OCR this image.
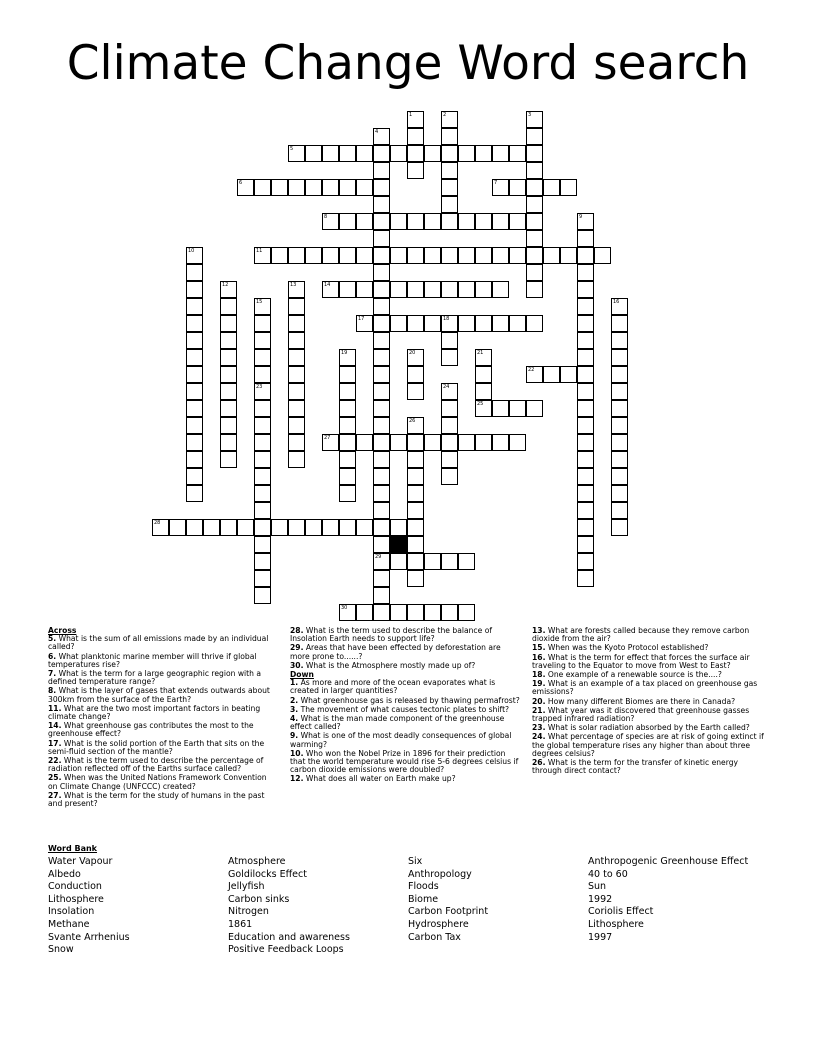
Climate Change Word search
1	2	3
4
29
5
6	7
8	9
10	11
12	13	14
15
23
16
17	18
19	20	21
25
22
24
26
27
28
30
Across
5. What is the sum of all emissions made by an individual called?
6. What planktonic marine member will thrive if global temperatures rise?
7. What is the term for a large geographic region with a defined temperature range?
8. What is the layer of gases that extends outwards about 300km from the surface of the Earth?
11. What are the two most important factors in beating climate change?
14. What greenhouse gas contributes the most to the greenhouse effect?
17. What is the solid portion of the Earth that sits on the semi-fluid section of the mantle?
22. What is the term used to describe the percentage of radiation reflected off of the Earths surface called?
25. When was the United Nations Framework Convention on Climate Change (UNFCCC) created?
27. What is the term for the study of humans in the past and present?
28. What is the term used to describe the balance of Insolation Earth needs to support life?
29. Areas that have been effected by deforestation are more prone to......?
30. What is the Atmosphere mostly made up of?
Down
1. As more and more of the ocean evaporates what is created in larger quantities?
2. What greenhouse gas is released by thawing permafrost?
3. The movement of what causes tectonic plates to shift?
4. What is the man made component of the greenhouse effect called?
9. What is one of the most deadly consequences of global warming?
10. Who won the Nobel Prize in 1896 for their prediction that the world temperature would rise 5-6 degrees celsius if carbon dioxide emissions were doubled?
12. What does all water on Earth make up?
13. What are forests called because they remove carbon dioxide from the air?
15. When was the Kyoto Protocol established?
16. What is the term for effect that forces the surface air traveling to the Equator to move from West to East?
18. One example of a renewable source is the....?
19. What is an example of a tax placed on greenhouse gas emissions?
20. How many different Biomes are there in Canada?
21. What year was it discovered that greenhouse gasses trapped infrared radiation?
23. What is solar radiation absorbed by the Earth called?
24. What percentage of species are at risk of going extinct if the global temperature rises any higher than about three degrees celsius?
26. What is the term for the transfer of kinetic energy through direct contact?
Word Bank
Water Vapour
Albedo
Conduction
Lithosphere
Insolation
Methane
Svante Arrhenius
Snow
Atmosphere
Goldilocks Effect
Jellyfish
Carbon sinks
Nitrogen
1861
Education and awareness
Positive Feedback Loops
Six
Anthropology
Floods
Biome
Carbon Footprint
Hydrosphere
Carbon Tax
Anthropogenic Greenhouse Effect
40 to 60
Sun
1992
Coriolis Effect
Lithosphere
1997
